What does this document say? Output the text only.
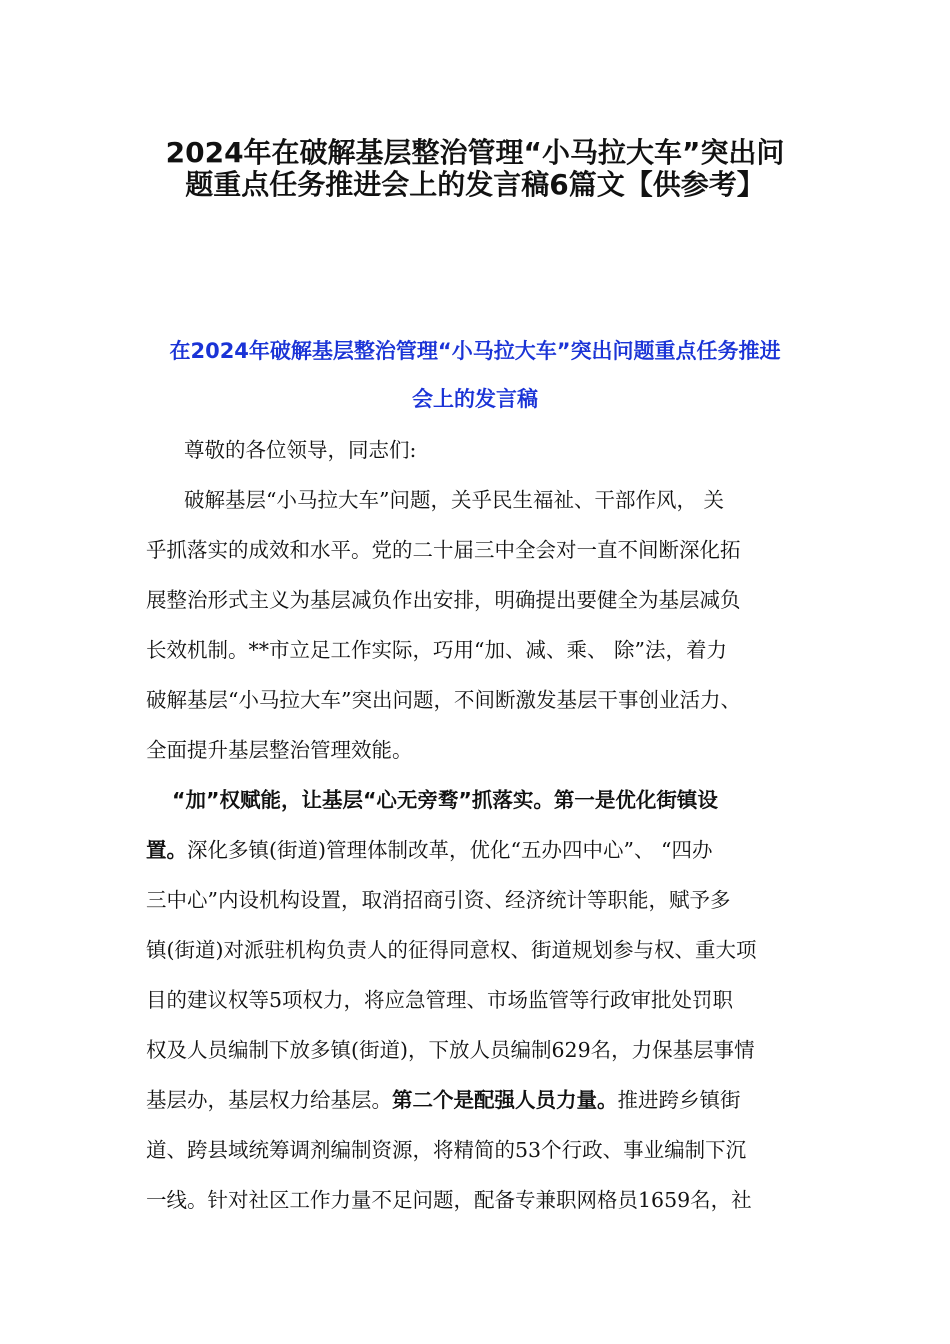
2024年在破解基层整治管理“小马拉大车”突出问
题重点任务推进会上的发言稿6篇文【供参考】
在2024年破解基层整治管理“小马拉大车”突出问题重点任务推进
会上的发言稿
尊敬的各位领导，同志们:
破解基层“小马拉大车”问题，关乎民生福祉、干部作风， 关
乎抓落实的成效和水平。党的二十届三中全会对一直不间断深化拓
展整治形式主义为基层减负作出安排，明确提出要健全为基层减负
长效机制。**市立足工作实际，巧用“加、减、乘、 除”法，着力
破解基层“小马拉大车”突出问题，不间断激发基层干事创业活力、
全面提升基层整治管理效能。
“加”权赋能，让基层“心无旁骛”抓落实。第一是优化街镇设
置。深化多镇(街道)管理体制改革，优化“五办四中心”、 “四办
三中心”内设机构设置，取消招商引资、经济统计等职能，赋予多
镇(街道)对派驻机构负责人的征得同意权、街道规划参与权、重大项
目的建议权等5项权力，将应急管理、市场监管等行政审批处罚职
权及人员编制下放多镇(街道)，下放人员编制629名，力保基层事情
基层办，基层权力给基层。第二个是配强人员力量。推进跨乡镇街
道、跨县域统筹调剂编制资源，将精简的53个行政、事业编制下沉
一线。针对社区工作力量不足问题，配备专兼职网格员1659名，社
